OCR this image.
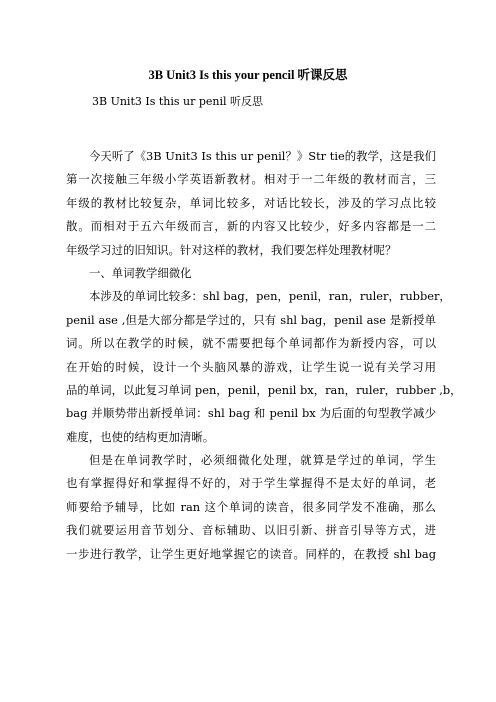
3B Unit3 Is this your pencil 听课反思
3B Unit3 Is this ur penil 听反思
今天听了《3B Unit3 Is this ur penil？》Str tie的教学，这是我们
第一次接触三年级小学英语新教材。相对于一二年级的教材而言，三
年级的教材比较复杂，单词比较多，对话比较长，涉及的学习点比较
散。而相对于五六年级而言，新的内容又比较少，好多内容都是一二
年级学习过的旧知识。针对这样的教材，我们要怎样处理教材呢？
一、单词教学细微化
本涉及的单词比较多：shl bag，pen，penil，ran，ruler，rubber，
penil ase ,但是大部分都是学过的，只有 shl bag，penil ase 是新授单
词。所以在教学的时候，就不需要把每个单词都作为新授内容，可以
在开始的时候，设计一个头脑风暴的游戏，让学生说一说有关学习用
品的单词，以此复习单词 pen，penil，penil bx，ran，ruler，rubber ,b，
bag 并顺势带出新授单词：shl bag 和 penil bx 为后面的句型教学减少
难度，也使的结构更加清晰。
但是在单词教学时，必须细微化处理，就算是学过的单词，学生
也有掌握得好和掌握得不好的，对于学生掌握得不是太好的单词，老
师要给予辅导，比如 ran 这个单词的读音，很多同学发不准确，那么
我们就要运用音节划分、音标辅助、以旧引新、拼音引导等方式，进
一步进行教学，让学生更好地掌握它的读音。同样的，在教授 shl bag
